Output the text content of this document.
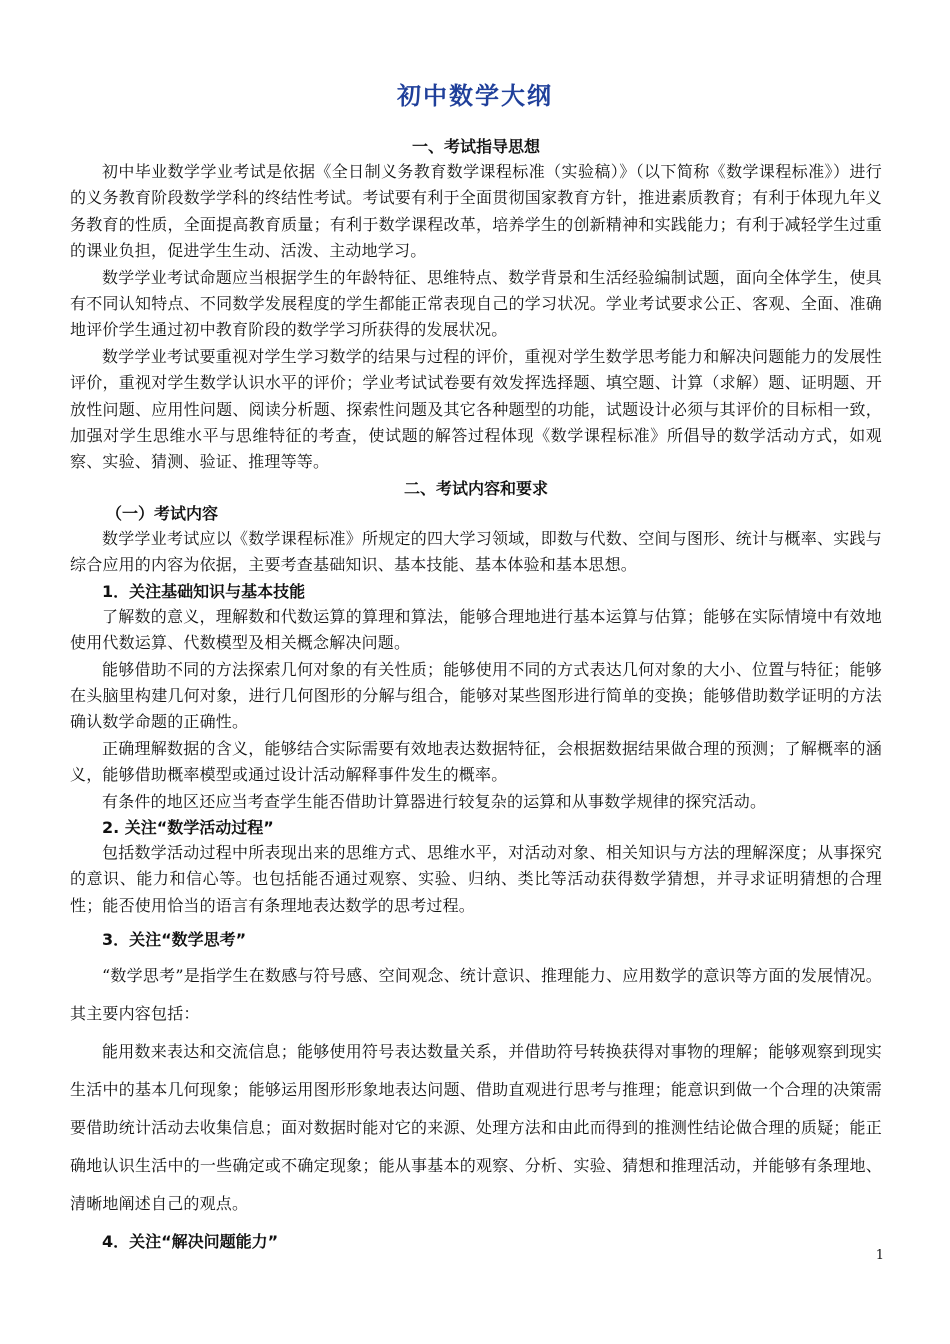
初中数学大纲
一、考试指导思想

初中毕业数学学业考试是依据《全日制义务教育数学课程标准（实验稿）》（以下简称《数学课程标准》）进行的义务教育阶段数学学科的终结性考试。考试要有利于全面贯彻国家教育方针，推进素质教育；有利于体现九年义务教育的性质，全面提高教育质量；有利于数学课程改革，培养学生的创新精神和实践能力；有利于减轻学生过重的课业负担，促进学生生动、活泼、主动地学习。

数学学业考试命题应当根据学生的年龄特征、思维特点、数学背景和生活经验编制试题，面向全体学生，使具有不同认知特点、不同数学发展程度的学生都能正常表现自己的学习状况。学业考试要求公正、客观、全面、准确地评价学生通过初中教育阶段的数学学习所获得的发展状况。

数学学业考试要重视对学生学习数学的结果与过程的评价，重视对学生数学思考能力和解决问题能力的发展性评价，重视对学生数学认识水平的评价；学业考试试卷要有效发挥选择题、填空题、计算（求解）题、证明题、开放性问题、应用性问题、阅读分析题、探索性问题及其它各种题型的功能，试题设计必须与其评价的目标相一致，加强对学生思维水平与思维特征的考查，使试题的解答过程体现《数学课程标准》所倡导的数学活动方式，如观察、实验、猜测、验证、推理等等。

二、考试内容和要求
（一）考试内容

数学学业考试应以《数学课程标准》所规定的四大学习领域，即数与代数、空间与图形、统计与概率、实践与综合应用的内容为依据，主要考查基础知识、基本技能、基本体验和基本思想。

1．关注基础知识与基本技能

了解数的意义，理解数和代数运算的算理和算法，能够合理地进行基本运算与估算；能够在实际情境中有效地使用代数运算、代数模型及相关概念解决问题。

能够借助不同的方法探索几何对象的有关性质；能够使用不同的方式表达几何对象的大小、位置与特征；能够在头脑里构建几何对象，进行几何图形的分解与组合，能够对某些图形进行简单的变换；能够借助数学证明的方法确认数学命题的正确性。

正确理解数据的含义，能够结合实际需要有效地表达数据特征，会根据数据结果做合理的预测；了解概率的涵义，能够借助概率模型或通过设计活动解释事件发生的概率。

有条件的地区还应当考查学生能否借助计算器进行较复杂的运算和从事数学规律的探究活动。

2. 关注“数学活动过程”

包括数学活动过程中所表现出来的思维方式、思维水平，对活动对象、相关知识与方法的理解深度；从事探究的意识、能力和信心等。也包括能否通过观察、实验、归纳、类比等活动获得数学猜想，并寻求证明猜想的合理性；能否使用恰当的语言有条理地表达数学的思考过程。

3．关注“数学思考”

“数学思考”是指学生在数感与符号感、空间观念、统计意识、推理能力、应用数学的意识等方面的发展情况。其主要内容包括：

能用数来表达和交流信息；能够使用符号表达数量关系，并借助符号转换获得对事物的理解；能够观察到现实生活中的基本几何现象；能够运用图形形象地表达问题、借助直观进行思考与推理；能意识到做一个合理的决策需要借助统计活动去收集信息；面对数据时能对它的来源、处理方法和由此而得到的推测性结论做合理的质疑；能正确地认识生活中的一些确定或不确定现象；能从事基本的观察、分析、实验、猜想和推理活动，并能够有条理地、清晰地阐述自己的观点。

4．关注“解决问题能力”
1
